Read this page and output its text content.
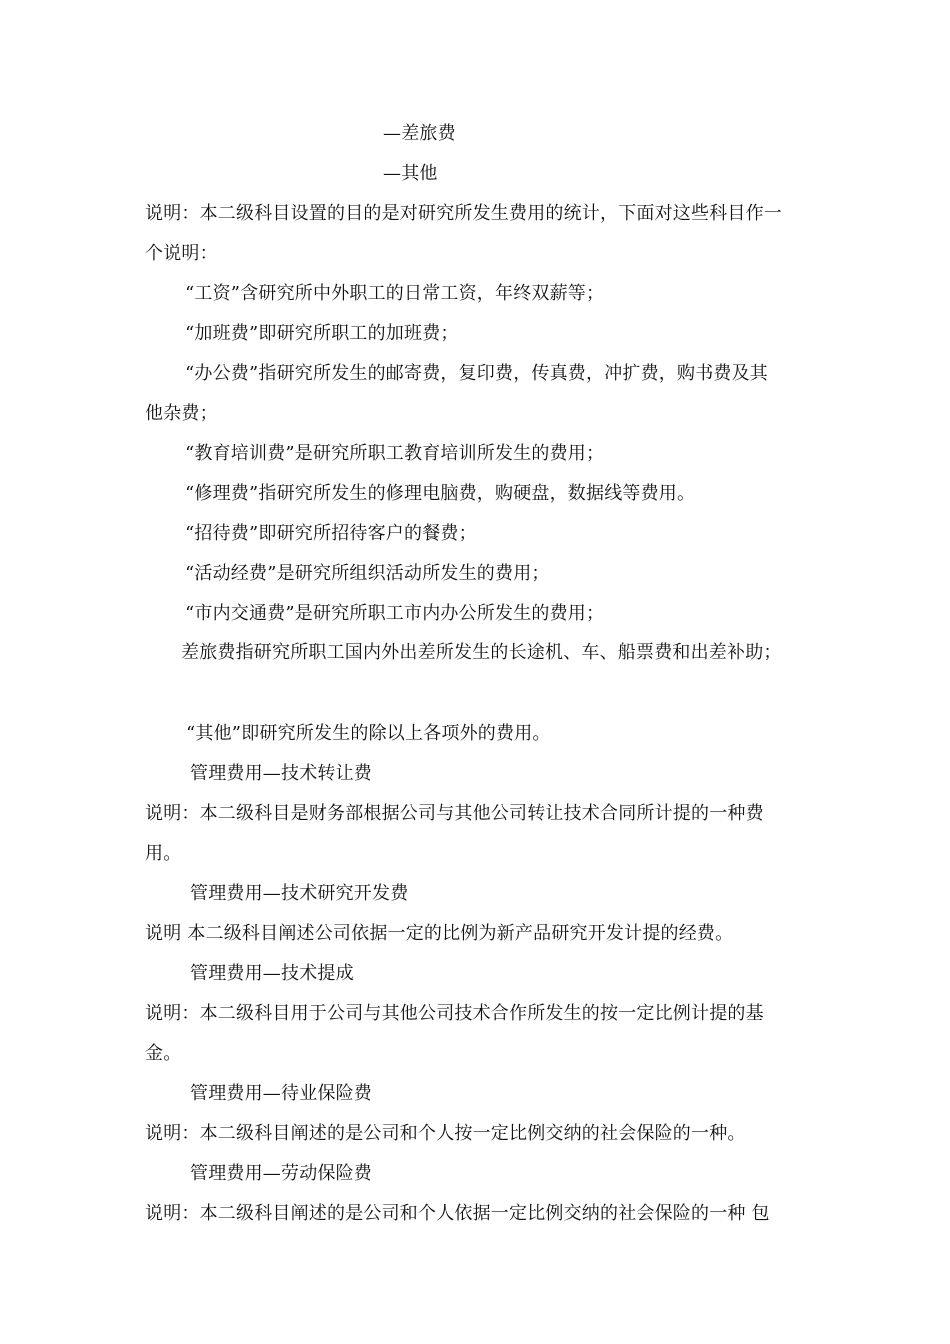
—差旅费
—其他
说明：本二级科目设置的目的是对研究所发生费用的统计，下面对这些科目作一
个说明：
“工资”含研究所中外职工的日常工资，年终双薪等；
“加班费”即研究所职工的加班费；
“办公费”指研究所发生的邮寄费，复印费，传真费，冲扩费，购书费及其
他杂费；
“教育培训费”是研究所职工教育培训所发生的费用；
“修理费”指研究所发生的修理电脑费，购硬盘，数据线等费用。
“招待费”即研究所招待客户的餐费；
“活动经费”是研究所组织活动所发生的费用；
“市内交通费”是研究所职工市内办公所发生的费用；
差旅费指研究所职工国内外出差所发生的长途机、车、船票费和出差补助；
“其他”即研究所发生的除以上各项外的费用。
管理费用—技术转让费
说明：本二级科目是财务部根据公司与其他公司转让技术合同所计提的一种费
用。
管理费用—技术研究开发费
说明 本二级科目阐述公司依据一定的比例为新产品研究开发计提的经费。
管理费用—技术提成
说明：本二级科目用于公司与其他公司技术合作所发生的按一定比例计提的基
金。
管理费用—待业保险费
说明：本二级科目阐述的是公司和个人按一定比例交纳的社会保险的一种。
管理费用—劳动保险费
说明：本二级科目阐述的是公司和个人依据一定比例交纳的社会保险的一种 包
